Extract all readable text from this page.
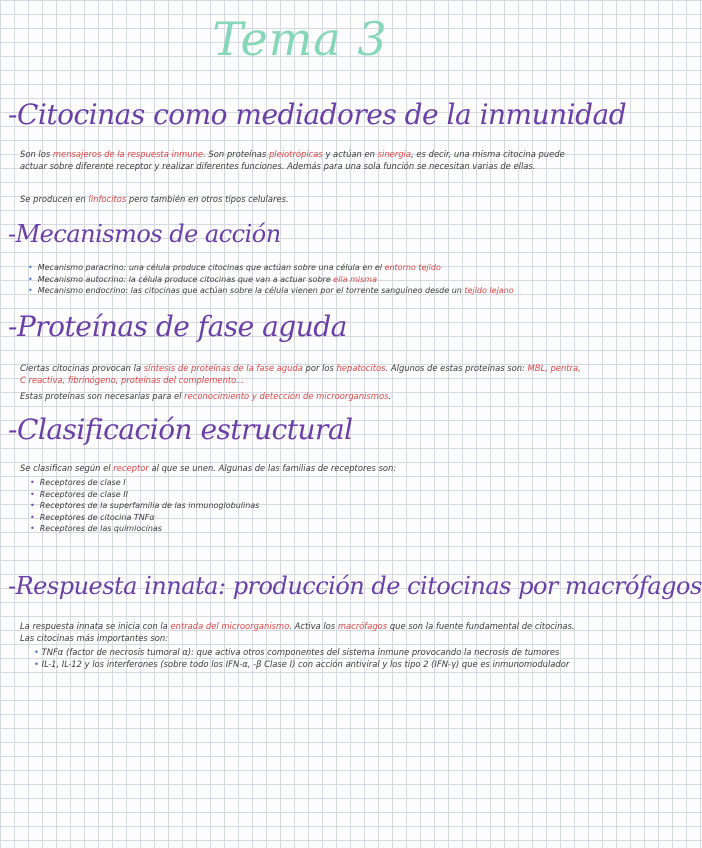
Tema 3
-Citocinas como mediadores de la inmunidad
Son los mensajeros de la respuesta inmune. Son proteínas pleiotrópicas y actúan en sinergia, es decir, una misma citocina puede actuar sobre diferente receptor y realizar diferentes funciones. Además para una sola función se necesitan varias de ellas.
Se producen en linfocitos pero también en otros tipos celulares.
-Mecanismos de acción
• Mecanismo paracrino: una célula produce citocinas que actúan sobre una célula en el entorno tejido
• Mecanismo autocrino: la célula produce citocinas que van a actuar sobre ella misma
• Mecanismo endocrino: las citocinas que actúan sobre la célula vienen por el torrente sanguíneo desde un tejido lejano
-Proteínas de fase aguda
Ciertas citocinas provocan la síntesis de proteínas de la fase aguda por los hepatocitos. Algunos de estas proteínas son: MBL, pentra, C reactiva, fibrinógeno, proteínas del complemento...
Estas proteínas son necesarias para el reconocimiento y detección de microorganismos.
-Clasificación estructural
Se clasifican según el receptor al que se unen. Algunas de las familias de receptores son:
• Receptores de clase I
• Receptores de clase II
• Receptores de la superfamilia de las inmunoglobulinas
• Receptores de citocina TNFα
• Receptores de las quimiocinas
-Respuesta innata: producción de citocinas por macrófagos
La respuesta innata se inicia con la entrada del microorganismo. Activa los macrófagos que son la fuente fundamental de citocinas. Las citocinas más importantes son:
• TNFα (factor de necrosis tumoral α): que activa otros componentes del sistema inmune provocando la necrosis de tumores
• IL-1, IL-12 y los interferones (sobre todo los IFN-α, -β Clase I) con acción antiviral y los tipo 2 (IFN-γ) que es inmunomodulador
